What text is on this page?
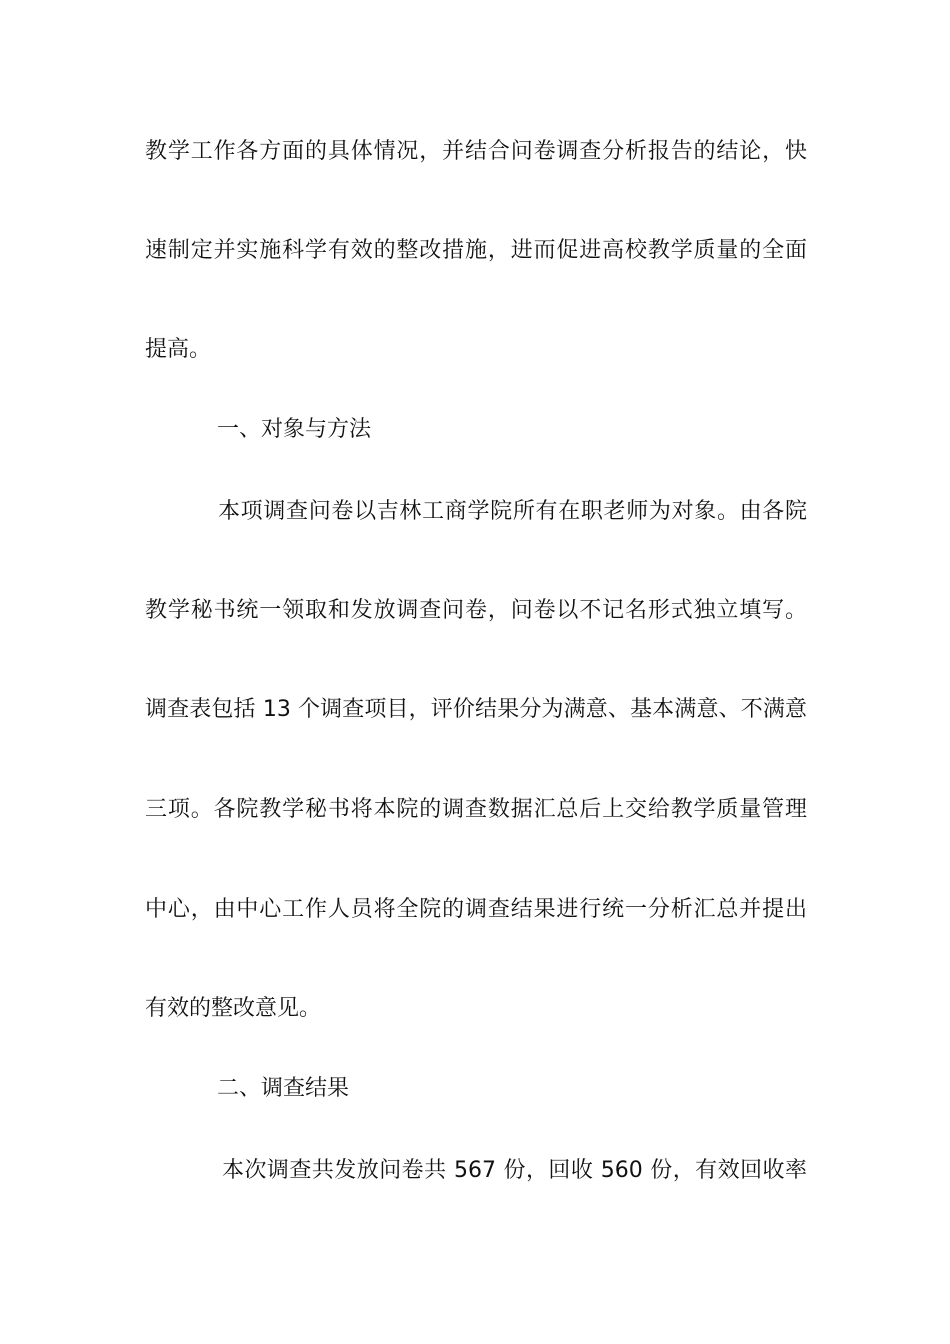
教学工作各方面的具体情况，并结合问卷调查分析报告的结论，快
速制定并实施科学有效的整改措施，进而促进高校教学质量的全面
提高。
一、对象与方法
本项调查问卷以吉林工商学院所有在职老师为对象。由各院
教学秘书统一领取和发放调查问卷，问卷以不记名形式独立填写。
调查表包括 13 个调查项目，评价结果分为满意、基本满意、不满意
三项。各院教学秘书将本院的调查数据汇总后上交给教学质量管理
中心，由中心工作人员将全院的调查结果进行统一分析汇总并提出
有效的整改意见。
二、调查结果
本次调查共发放问卷共 567 份，回收 560 份，有效回收率
